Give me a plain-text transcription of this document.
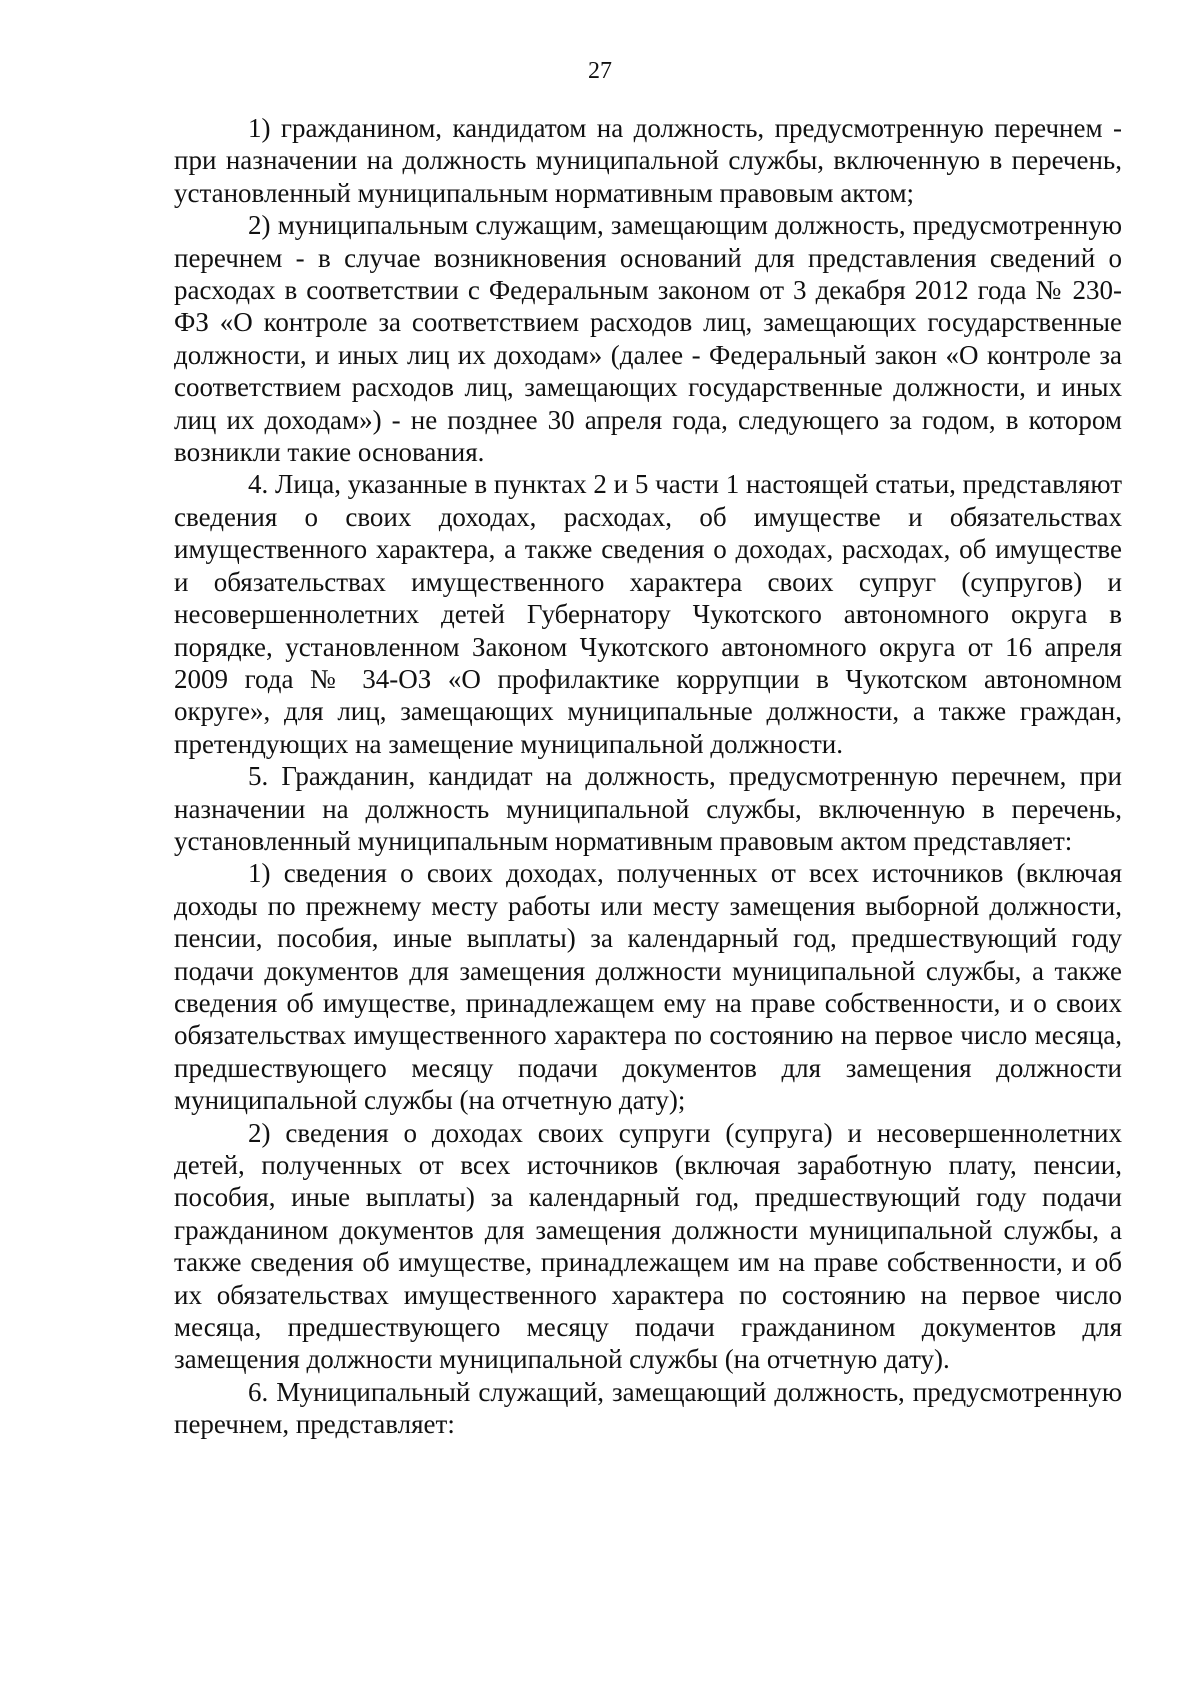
27

1) гражданином, кандидатом на должность, предусмотренную перечнем - при назначении на должность муниципальной службы, включенную в перечень, установленный муниципальным нормативным правовым актом;

2) муниципальным служащим, замещающим должность, предусмотренную перечнем - в случае возникновения оснований для представления сведений о расходах в соответствии с Федеральным законом от 3 декабря 2012 года № 230-ФЗ «О контроле за соответствием расходов лиц, замещающих государственные должности, и иных лиц их доходам» (далее - Федеральный закон «О контроле за соответствием расходов лиц, замещающих государственные должности, и иных лиц их доходам») - не позднее 30 апреля года, следующего за годом, в котором возникли такие основания.

4. Лица, указанные в пунктах 2 и 5 части 1 настоящей статьи, представляют сведения о своих доходах, расходах, об имуществе и обязательствах имущественного характера, а также сведения о доходах, расходах, об имуществе и обязательствах имущественного характера своих супруг (супругов) и несовершеннолетних детей Губернатору Чукотского автономного округа в порядке, установленном Законом Чукотского автономного округа от 16 апреля 2009 года № 34-ОЗ «О профилактике коррупции в Чукотском автономном округе», для лиц, замещающих муниципальные должности, а также граждан, претендующих на замещение муниципальной должности.

5. Гражданин, кандидат на должность, предусмотренную перечнем, при назначении на должность муниципальной службы, включенную в перечень, установленный муниципальным нормативным правовым актом представляет:

1) сведения о своих доходах, полученных от всех источников (включая доходы по прежнему месту работы или месту замещения выборной должности, пенсии, пособия, иные выплаты) за календарный год, предшествующий году подачи документов для замещения должности муниципальной службы, а также сведения об имуществе, принадлежащем ему на праве собственности, и о своих обязательствах имущественного характера по состоянию на первое число месяца, предшествующего месяцу подачи документов для замещения должности муниципальной службы (на отчетную дату);

2) сведения о доходах своих супруги (супруга) и несовершеннолетних детей, полученных от всех источников (включая заработную плату, пенсии, пособия, иные выплаты) за календарный год, предшествующий году подачи гражданином документов для замещения должности муниципальной службы, а также сведения об имуществе, принадлежащем им на праве собственности, и об их обязательствах имущественного характера по состоянию на первое число месяца, предшествующего месяцу подачи гражданином документов для замещения должности муниципальной службы (на отчетную дату).

6. Муниципальный служащий, замещающий должность, предусмотренную перечнем, представляет:
